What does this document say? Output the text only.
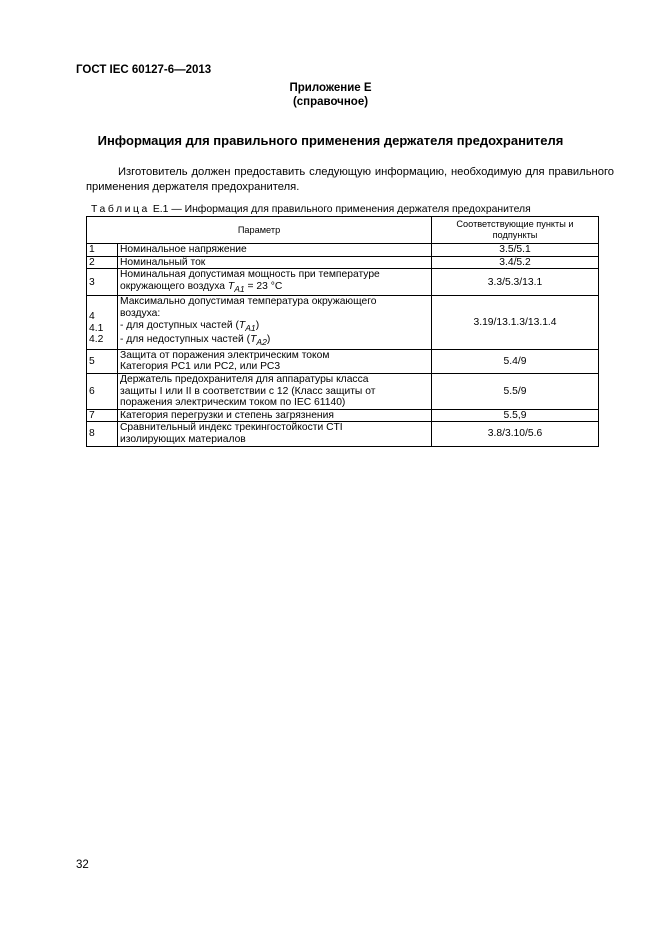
ГОСТ IEC 60127-6—2013
Приложение Е
(справочное)
Информация для правильного применения держателя предохранителя
Изготовитель должен предоставить следующую информацию, необходимую для правильного применения держателя предохранителя.
Таблица Е.1 — Информация для правильного применения держателя предохранителя
Параметр		Соответствующие пункты и подпункты
1	Номинальное напряжение	3.5/5.1
2	Номинальный ток	3.4/5.2
3	Номинальная допустимая мощность при температуре
окружающего воздуха $T_{A1} = 23$ °C	3.3/5.3/13.1

4
4.1
4.2	Максимально допустимая температура окружающего
воздуха:
- для доступных частей $(T_{A1})$
- для недоступных частей $(T_{A2})$	3.19/13.1.3/13.1.4
5	Защита от поражения электрическим током
Категория РС1 или РС2, или РС3	5.4/9
6	Держатель предохранителя для аппаратуры класса
защиты I или II в соответствии с 12 (Класс защиты от
поражения электрическим током по IEC 61140)	5.5/9
7	Категория перегрузки и степень загрязнения	5.5,9
8	Сравнительный индекс трекингостойкости CTI
изолирующих материалов	3.8/3.10/5.6
32
